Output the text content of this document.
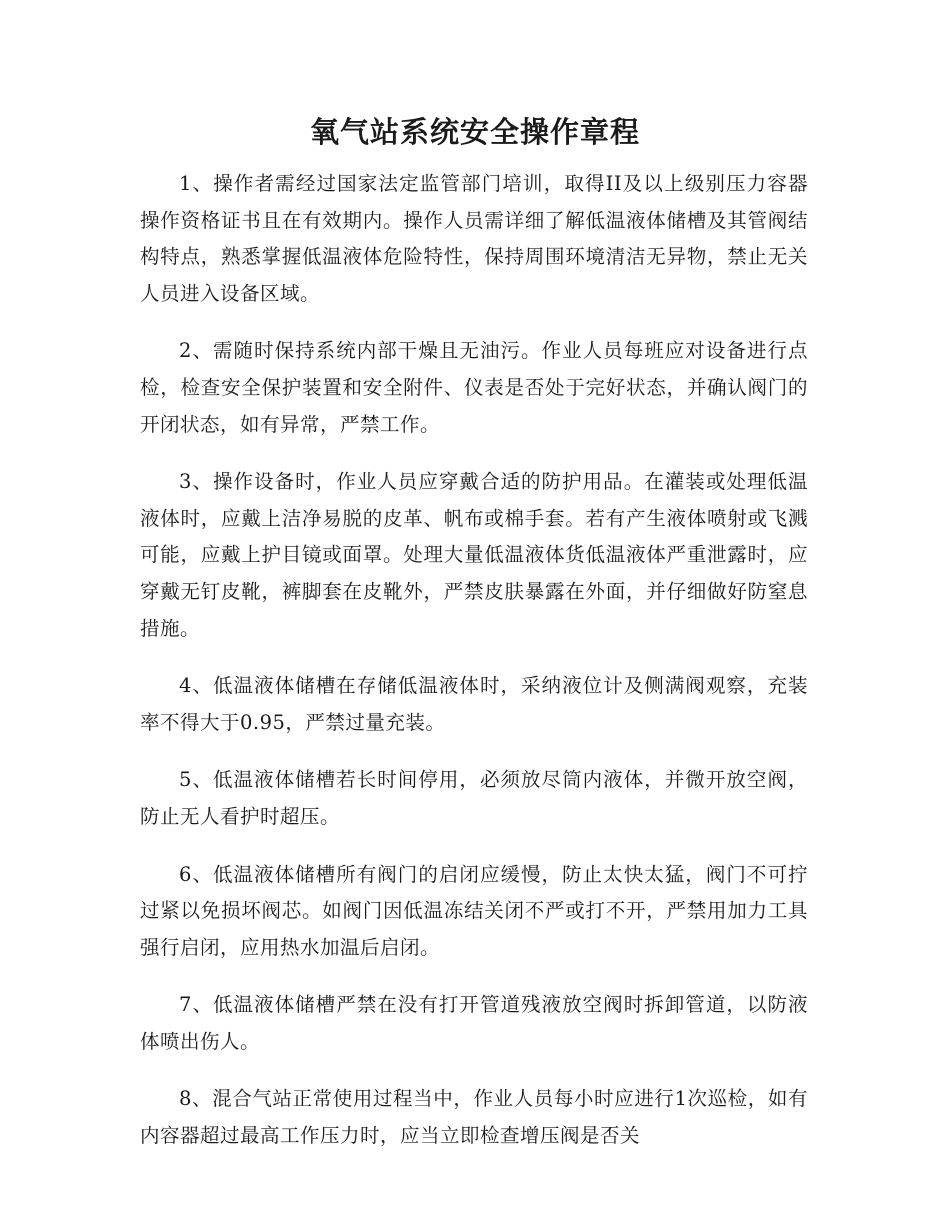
氧气站系统安全操作章程

1、操作者需经过国家法定监管部门培训，取得II及以上级别压力容器操作资格证书且在有效期内。操作人员需详细了解低温液体储槽及其管阀结构特点，熟悉掌握低温液体危险特性，保持周围环境清洁无异物，禁止无关人员进入设备区域。

2、需随时保持系统内部干燥且无油污。作业人员每班应对设备进行点检，检查安全保护装置和安全附件、仪表是否处于完好状态，并确认阀门的开闭状态，如有异常，严禁工作。

3、操作设备时，作业人员应穿戴合适的防护用品。在灌装或处理低温液体时，应戴上洁净易脱的皮革、帆布或棉手套。若有产生液体喷射或飞溅可能，应戴上护目镜或面罩。处理大量低温液体货低温液体严重泄露时，应穿戴无钉皮靴，裤脚套在皮靴外，严禁皮肤暴露在外面，并仔细做好防窒息措施。

4、低温液体储槽在存储低温液体时，采纳液位计及侧满阀观察，充装率不得大于0.95，严禁过量充装。

5、低温液体储槽若长时间停用，必须放尽筒内液体，并微开放空阀，防止无人看护时超压。

6、低温液体储槽所有阀门的启闭应缓慢，防止太快太猛，阀门不可拧过紧以免损坏阀芯。如阀门因低温冻结关闭不严或打不开，严禁用加力工具强行启闭，应用热水加温后启闭。

7、低温液体储槽严禁在没有打开管道残液放空阀时拆卸管道，以防液体喷出伤人。

8、混合气站正常使用过程当中，作业人员每小时应进行1次巡检，如有内容器超过最高工作压力时，应当立即检查增压阀是否关
